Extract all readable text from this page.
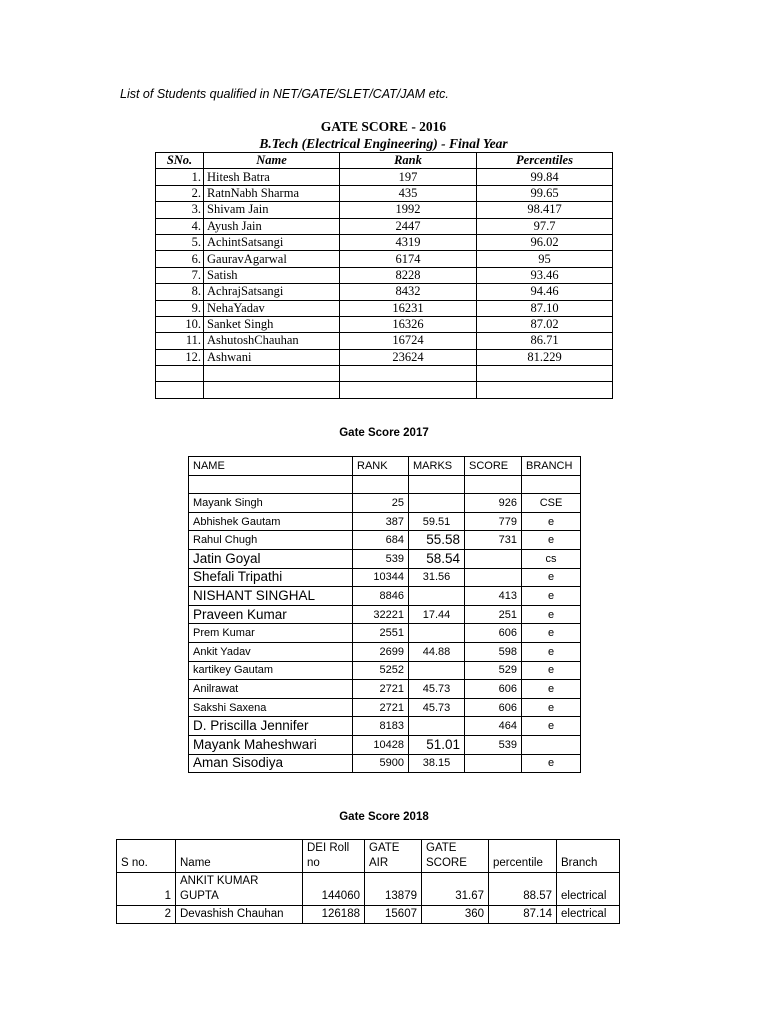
List of Students qualified in NET/GATE/SLET/CAT/JAM etc.
GATE SCORE - 2016
B.Tech (Electrical Engineering) - Final Year
SNo.	Name	Rank	Percentiles
1.	Hitesh Batra	197	99.84
2.	RatnNabh Sharma	435	99.65
3.	Shivam Jain	1992	98.417
4.	Ayush Jain	2447	97.7
5.	AchintSatsangi	4319	96.02
6.	GauravAgarwal	6174	95
7.	Satish	8228	93.46
8.	AchrajSatsangi	8432	94.46
9.	NehaYadav	16231	87.10
10.	Sanket Singh	16326	87.02
11.	AshutoshChauhan	16724	86.71
12.	Ashwani	23624	81.229

Gate Score 2017
NAME	RANK	MARKS	SCORE	BRANCH

Mayank Singh	25		926	CSE
Abhishek Gautam	387	59.51	779	e
Rahul Chugh	684	55.58	731	e
Jatin Goyal	539	58.54		cs
Shefali Tripathi	10344	31.56		e
NISHANT SINGHAL	8846		413	e
Praveen Kumar	32221	17.44	251	e
Prem Kumar	2551		606	e
Ankit Yadav	2699	44.88	598	e
kartikey Gautam	5252		529	e
Anilrawat	2721	45.73	606	e
Sakshi Saxena	2721	45.73	606	e
D. Priscilla Jennifer	8183		464	e
Mayank Maheshwari	10428	51.01	539	
Aman Sisodiya	5900	38.15		e
Gate Score 2018
S no.	Name	DEI Roll no	GATE AIR	GATE SCORE	percentile	Branch
1	ANKIT KUMAR GUPTA	144060	13879	31.67	88.57	electrical
2	Devashish Chauhan	126188	15607	360	87.14	electrical
